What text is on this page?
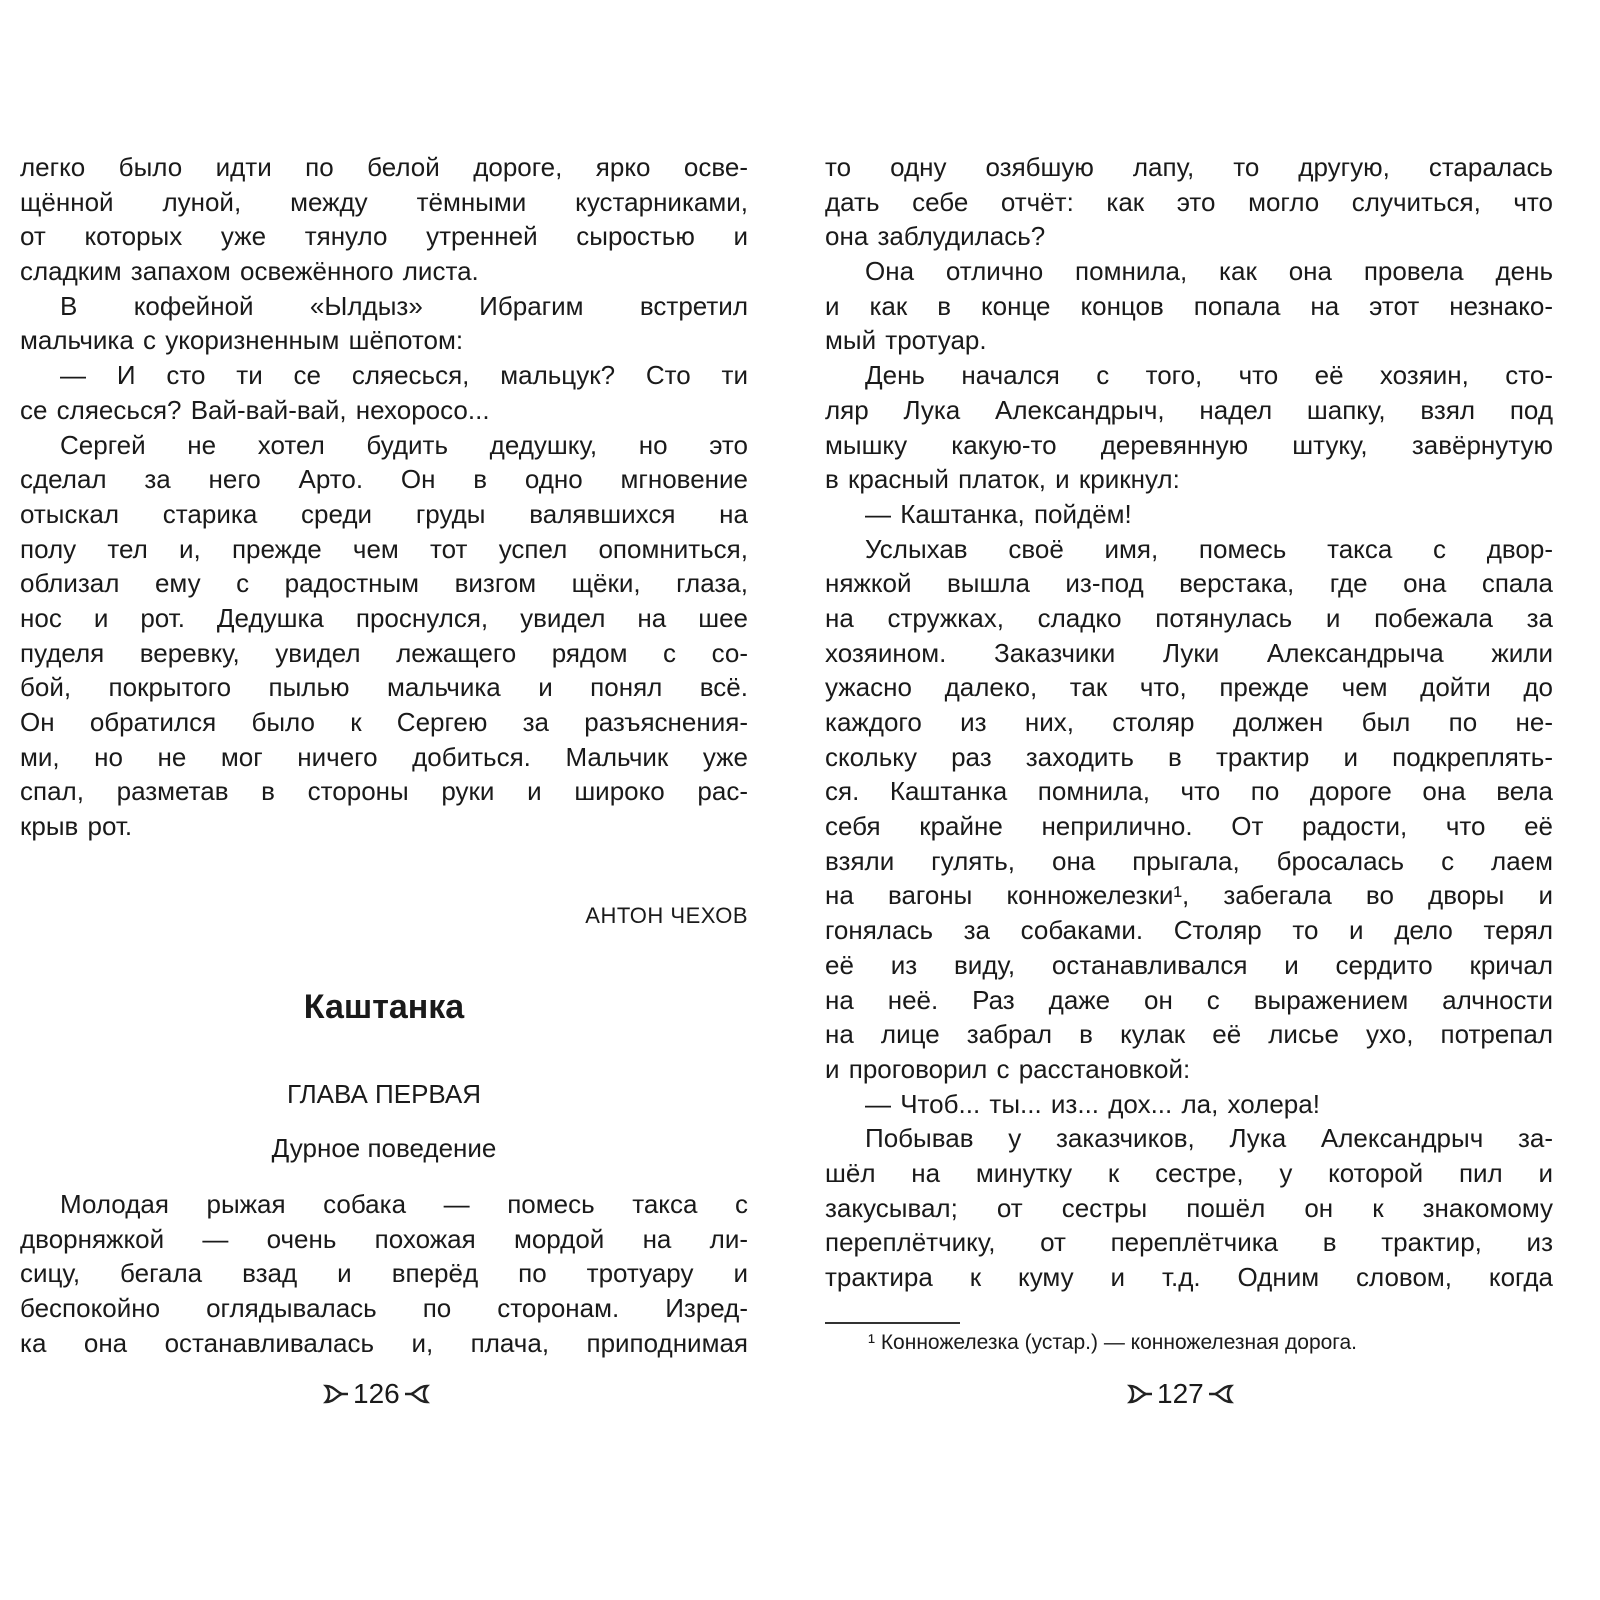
легко было идти по белой дороге, ярко осве-
щённой луной, между тёмными кустарниками,
от которых уже тянуло утренней сыростью и
сладким запахом освежённого листа.
В кофейной «Ылдыз» Ибрагим встретил
мальчика с укоризненным шёпотом:
— И сто ти се сляесься, мальцук? Сто ти
се сляесься? Вай-вай-вай, нехоросо...
Сергей не хотел будить дедушку, но это
сделал за него Арто. Он в одно мгновение
отыскал старика среди груды валявшихся на
полу тел и, прежде чем тот успел опомниться,
облизал ему с радостным визгом щёки, глаза,
нос и рот. Дедушка проснулся, увидел на шее
пуделя веревку, увидел лежащего рядом с со-
бой, покрытого пылью мальчика и понял всё.
Он обратился было к Сергею за разъяснения-
ми, но не мог ничего добиться. Мальчик уже
спал, разметав в стороны руки и широко рас-
крыв рот.
АНТОН ЧЕХОВ
Каштанка
ГЛАВА ПЕРВАЯ
Дурное поведение
Молодая рыжая собака — помесь такса с
дворняжкой — очень похожая мордой на ли-
сицу, бегала взад и вперёд по тротуару и
беспокойно оглядывалась по сторонам. Изред-
ка она останавливалась и, плача, приподнимая
126
то одну озябшую лапу, то другую, старалась
дать себе отчёт: как это могло случиться, что
она заблудилась?
Она отлично помнила, как она провела день
и как в конце концов попала на этот незнако-
мый тротуар.
День начался с того, что её хозяин, сто-
ляр Лука Александрыч, надел шапку, взял под
мышку какую-то деревянную штуку, завёрнутую
в красный платок, и крикнул:
— Каштанка, пойдём!
Услыхав своё имя, помесь такса с двор-
няжкой вышла из-под верстака, где она спала
на стружках, сладко потянулась и побежала за
хозяином. Заказчики Луки Александрыча жили
ужасно далеко, так что, прежде чем дойти до
каждого из них, столяр должен был по не-
скольку раз заходить в трактир и подкреплять-
ся. Каштанка помнила, что по дороге она вела
себя крайне неприлично. От радости, что её
взяли гулять, она прыгала, бросалась с лаем
на вагоны конножелезки¹, забегала во дворы и
гонялась за собаками. Столяр то и дело терял
её из виду, останавливался и сердито кричал
на неё. Раз даже он с выражением алчности
на лице забрал в кулак её лисье ухо, потрепал
и проговорил с расстановкой:
— Чтоб... ты... из... дох... ла, холера!
Побывав у заказчиков, Лука Александрыч за-
шёл на минутку к сестре, у которой пил и
закусывал; от сестры пошёл он к знакомому
переплётчику, от переплётчика в трактир, из
трактира к куму и т.д. Одним словом, когда
¹ Конножелезка (устар.) — конножелезная дорога.
127
